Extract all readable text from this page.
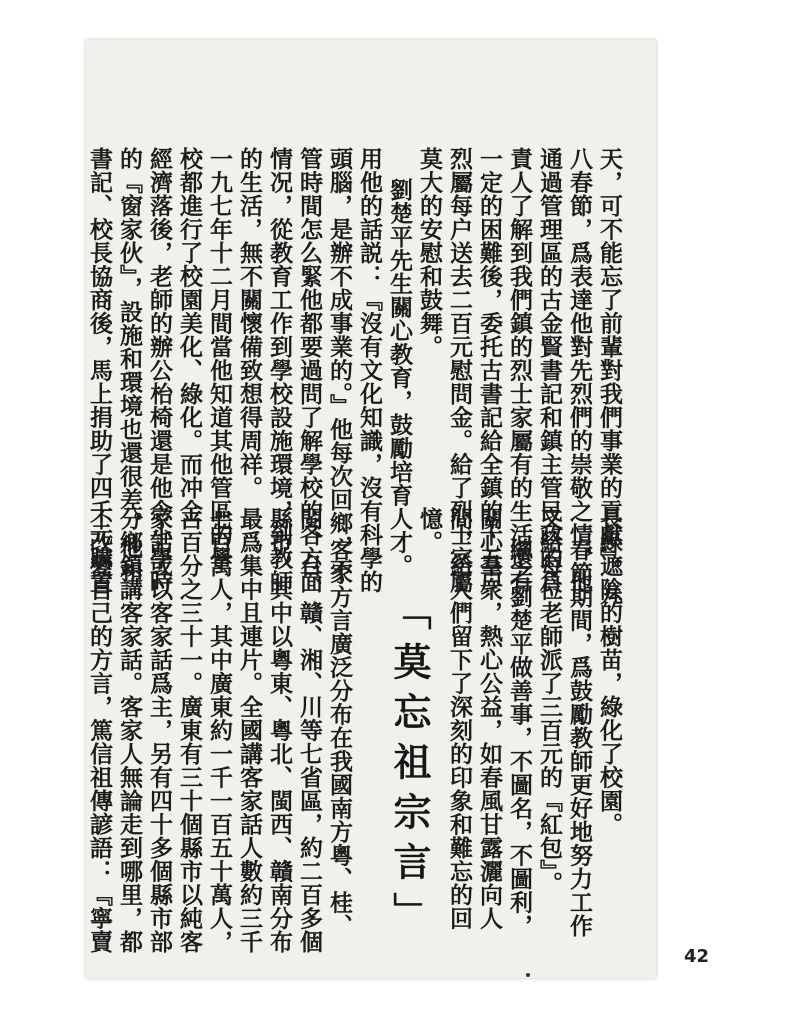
天，可不能忘了前輩對我們事業的貢獻』。九
八春節，爲表達他對先烈們的崇敬之情，他
通過管理區的古金賢書記和鎮主管民政的負
責人了解到我們鎮的烈士家屬有的生活還有
一定的困難後，委托古書記給全鎮的十五户
烈屬每户送去二百元慰問金。給了烈士家屬
莫大的安慰和鼓舞。
劉楚平先生關心教育，鼓勵培育人才。
用他的話説：『沒有文化知識，沒有科學的
頭腦，是辦不成事業的。』他每次回鄉，不
管時間怎么緊他都要過問了解學校的各方面
情况，從教育工作到學校設施環境，到教師
的生活，無不關懷備致想得周祥。
一九七年十二月間當他知道其他管區的學
校都進行了校園美化、綠化。而冲金
經濟落後，老師的辦公枱椅還是他念小學時
的『窗家伙』，設施和環境也還很差。他和
書記、校長協商後，馬上捐助了四千元購置
長綠遮陰的樹苗，綠化了校園。
春節期間，爲鼓勵教師更好地努力工作
又給每位老師派了三百元的『紅包』。
總之劉楚平做善事，不圖名，不圖利，
關心羣衆，熱心公益，如春風甘露灑向人
間，給人們留下了深刻的印象和難忘的回
憶。
「莫忘祖宗言」
客家方言廣泛分布在我國南方粵、桂、
閩、台、贛、湘、川等七省區，約二百多個
縣市，其中以粵東、粵北、閩西、贛南分布
最爲集中且連片。全國講客家話人數約三千
七百萬人，其中廣東約一千一百五十萬人，
占百分之三十一。廣東有三十個縣市以純客
家話或以客家話爲主，另有四十多個縣市部
分鄉鎮講客家話。客家人無論走到哪里，都
不改變自己的方言，篤信祖傳諺語：『寧賣
42
